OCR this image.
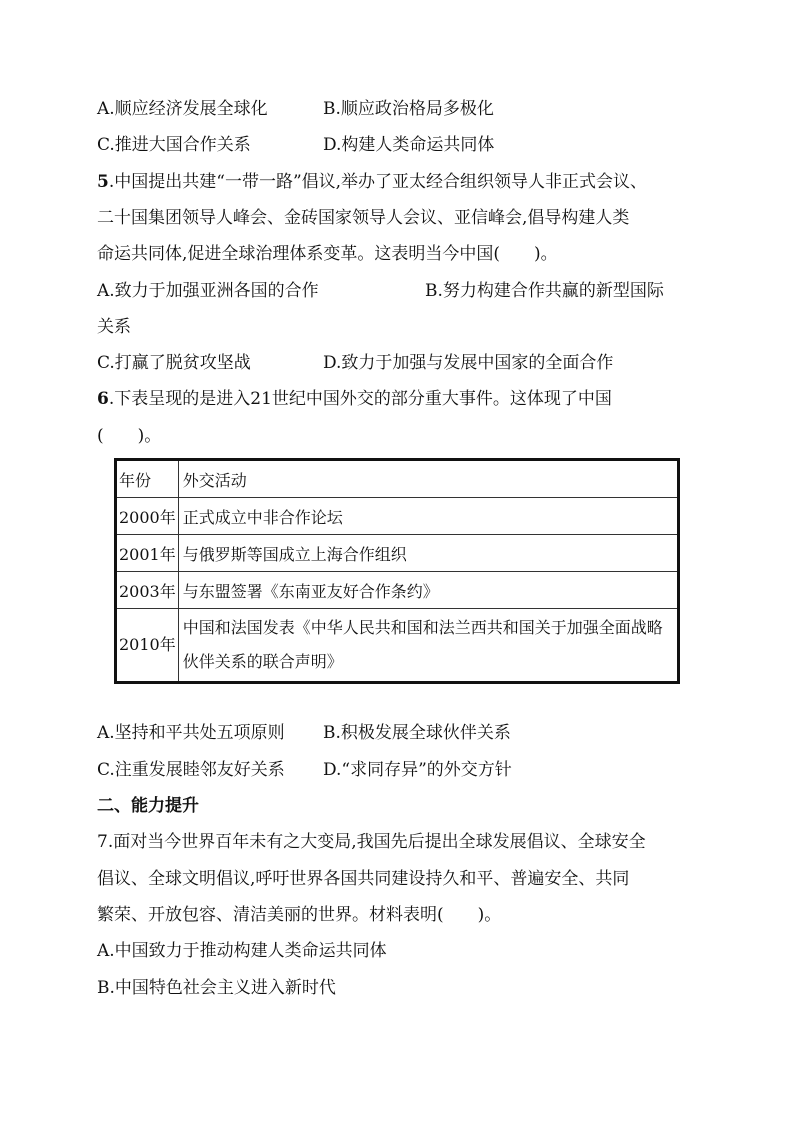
A.顺应经济发展全球化	B.顺应政治格局多极化
C.推进大国合作关系	D.构建人类命运共同体
5.中国提出共建“一带一路”倡议,举办了亚太经合组织领导人非正式会议、
二十国集团领导人峰会、金砖国家领导人会议、亚信峰会,倡导构建人类
命运共同体,促进全球治理体系变革。这表明当今中国(　　)。
A.致力于加强亚洲各国的合作	B.努力构建合作共赢的新型国际
关系
C.打赢了脱贫攻坚战	D.致力于加强与发展中国家的全面合作
6.下表呈现的是进入21世纪中国外交的部分重大事件。这体现了中国
(　　)。
年份	外交活动
2000年	正式成立中非合作论坛
2001年	与俄罗斯等国成立上海合作组织
2003年	与东盟签署《东南亚友好合作条约》
2010年	中国和法国发表《中华人民共和国和法兰西共和国关于加强全面战略伙伴关系的联合声明》
A.坚持和平共处五项原则 B.积极发展全球伙伴关系
C.注重发展睦邻友好关系 D.“求同存异”的外交方针
二、能力提升
7.面对当今世界百年未有之大变局,我国先后提出全球发展倡议、全球安全
倡议、全球文明倡议,呼吁世界各国共同建设持久和平、普遍安全、共同
繁荣、开放包容、清洁美丽的世界。材料表明(　　)。
A.中国致力于推动构建人类命运共同体
B.中国特色社会主义进入新时代
